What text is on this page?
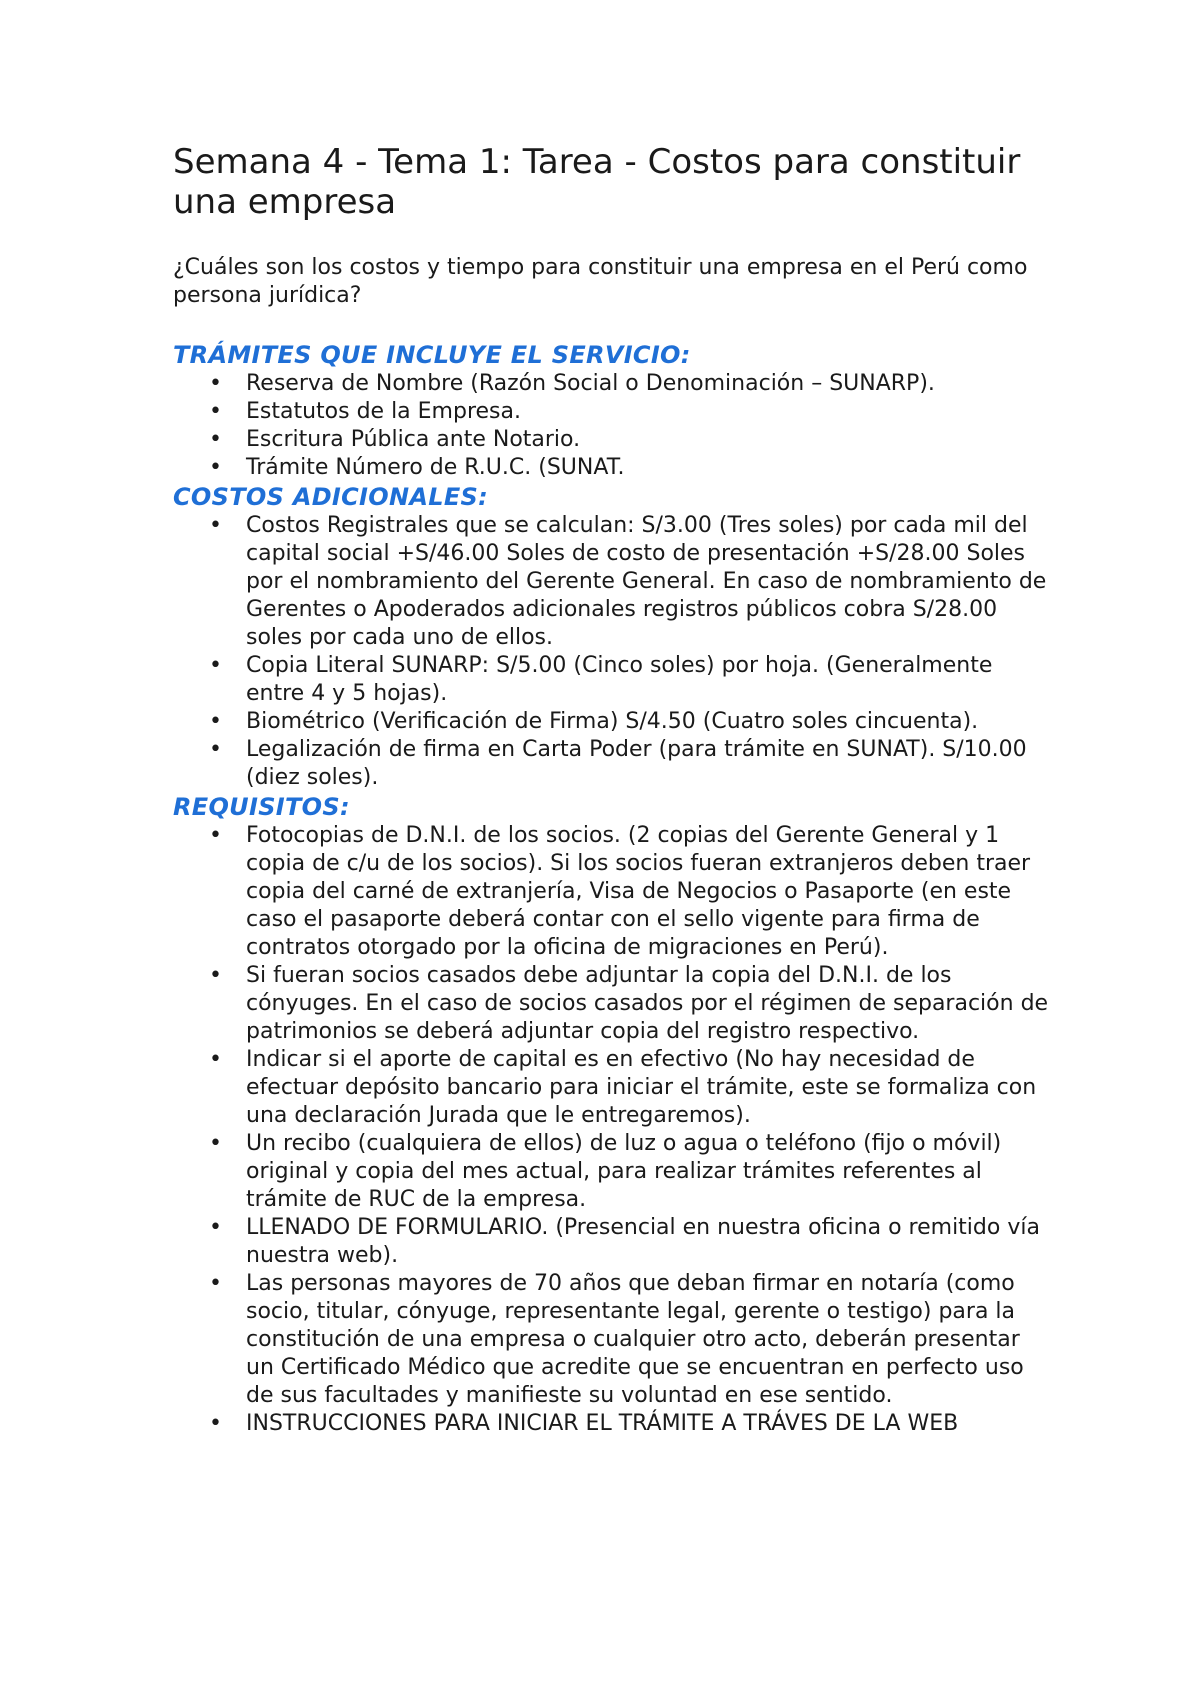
Semana 4 - Tema 1: Tarea - Costos para constituir una empresa

¿Cuáles son los costos y tiempo para constituir una empresa en el Perú como persona jurídica?

TRÁMITES QUE INCLUYE EL SERVICIO:
• Reserva de Nombre (Razón Social o Denominación – SUNARP).
• Estatutos de la Empresa.
• Escritura Pública ante Notario.
• Trámite Número de R.U.C. (SUNAT.
COSTOS ADICIONALES:
• Costos Registrales que se calculan: S/3.00 (Tres soles) por cada mil del capital social +S/46.00 Soles de costo de presentación +S/28.00 Soles por el nombramiento del Gerente General. En caso de nombramiento de Gerentes o Apoderados adicionales registros públicos cobra S/28.00 soles por cada uno de ellos.
• Copia Literal SUNARP: S/5.00 (Cinco soles) por hoja. (Generalmente entre 4 y 5 hojas).
• Biométrico (Verificación de Firma) S/4.50 (Cuatro soles cincuenta).
• Legalización de firma en Carta Poder (para trámite en SUNAT). S/10.00 (diez soles).
REQUISITOS:
• Fotocopias de D.N.I. de los socios. (2 copias del Gerente General y 1 copia de c/u de los socios). Si los socios fueran extranjeros deben traer copia del carné de extranjería, Visa de Negocios o Pasaporte (en este caso el pasaporte deberá contar con el sello vigente para firma de contratos otorgado por la oficina de migraciones en Perú).
• Si fueran socios casados debe adjuntar la copia del D.N.I. de los cónyuges. En el caso de socios casados por el régimen de separación de patrimonios se deberá adjuntar copia del registro respectivo.
• Indicar si el aporte de capital es en efectivo (No hay necesidad de efectuar depósito bancario para iniciar el trámite, este se formaliza con una declaración Jurada que le entregaremos).
• Un recibo (cualquiera de ellos) de luz o agua o teléfono (fijo o móvil) original y copia del mes actual, para realizar trámites referentes al trámite de RUC de la empresa.
• LLENADO DE FORMULARIO. (Presencial en nuestra oficina o remitido vía nuestra web).
• Las personas mayores de 70 años que deban firmar en notaría (como socio, titular, cónyuge, representante legal, gerente o testigo) para la constitución de una empresa o cualquier otro acto, deberán presentar un Certificado Médico que acredite que se encuentran en perfecto uso de sus facultades y manifieste su voluntad en ese sentido.
• INSTRUCCIONES PARA INICIAR EL TRÁMITE A TRÁVES DE LA WEB
